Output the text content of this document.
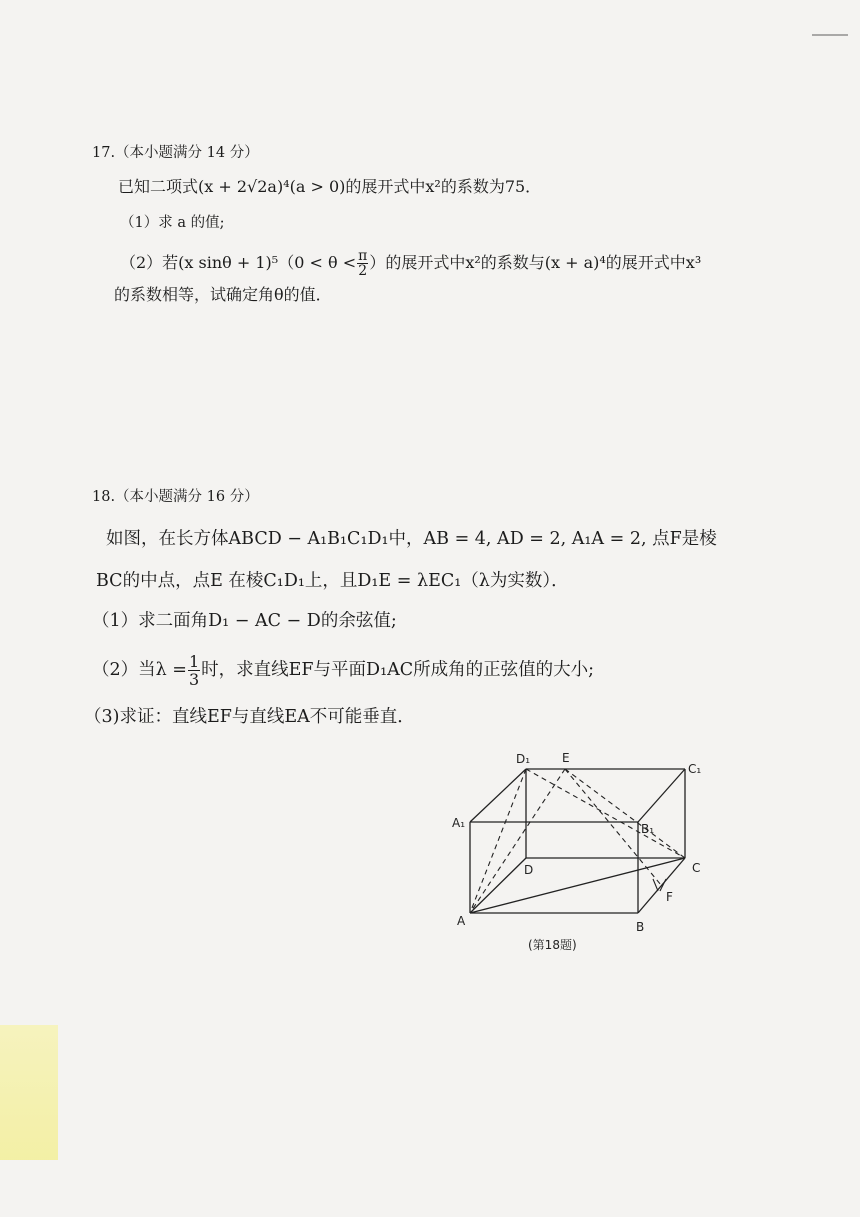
17.（本小题满分 14 分）
已知二项式(x + 2√2a)⁴(a > 0)的展开式中x²的系数为75．
（1）求 a 的值;
（2）若(x $\sin\theta + 1)^5(0 < \theta < \frac{\pi}{2}$ ）的展开式中x²的系数与(x + a)⁴的展开式中x³
的系数相等，试确定角θ的值．
18.（本小题满分 16 分）
如图，在长方体ABCD − A₁B₁C₁D₁中，AB = 4, AD = 2, A₁A = 2, 点F是棱
BC的中点，点E 在棱C₁D₁上，且D₁E = λEC₁（λ为实数）．
（1）求二面角D₁ − AC − D的余弦值;
（2）当$\lambda = \frac{1}{3}$ 时，求直线EF与平面D₁AC所成角的正弦值的大小;
（3)求证：直线EF与直线EA不可能垂直．
D₁	E
C₁
A₁	B₁
D	C
F
A	B
(第18题)
